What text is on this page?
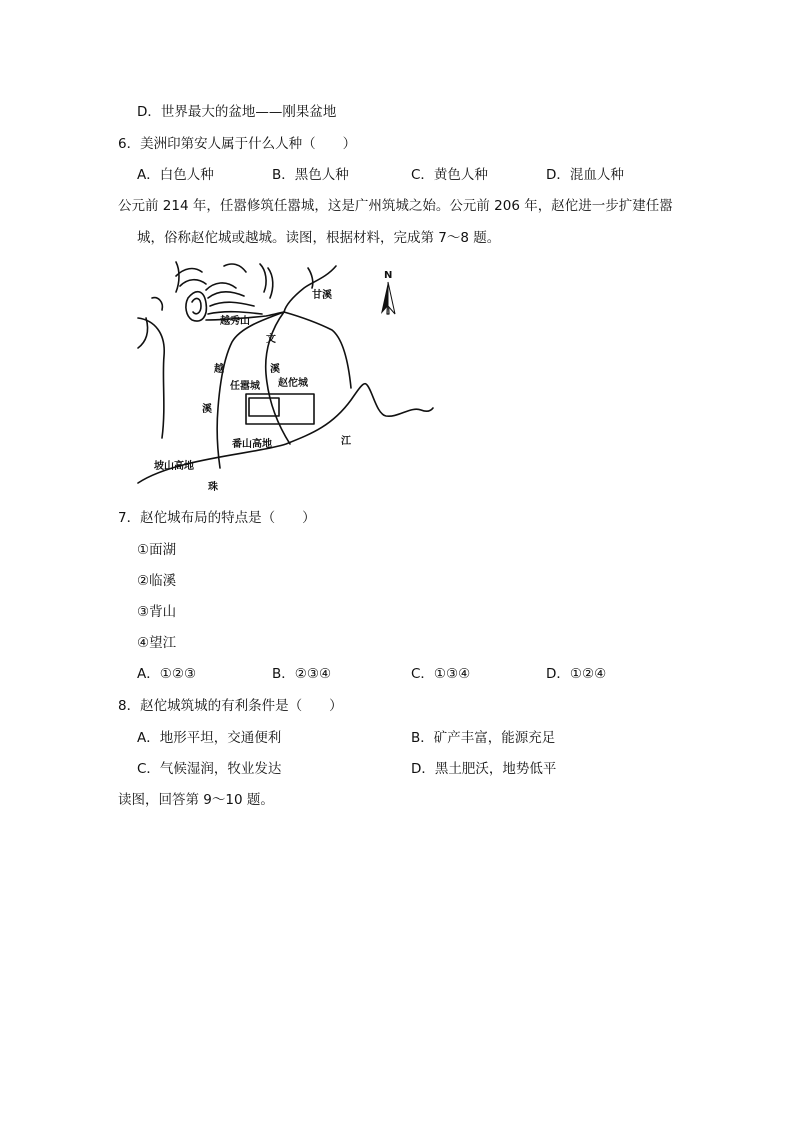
D．世界最大的盆地——刚果盆地
6．美洲印第安人属于什么人种（　　）
A．白色人种	B．黑色人种	C．黄色人种	D．混血人种
公元前 214 年，任嚣修筑任嚣城，这是广州筑城之始。公元前 206 年，赵佗进一步扩建任嚣
城，俗称赵佗城或越城。读图，根据材料，完成第 7～8 题。
N
越秀山
甘溪
文
越	溪
任嚣城 赵佗城
溪
番山高地	江
坡山高地
珠
7．赵佗城布局的特点是（　　）
①面湖
②临溪
③背山
④望江
A．①②③	B．②③④	C．①③④	D．①②④
8．赵佗城筑城的有利条件是（　　）
A．地形平坦，交通便利	B．矿产丰富，能源充足
C．气候湿润，牧业发达	D．黑土肥沃，地势低平
读图，回答第 9～10 题。
